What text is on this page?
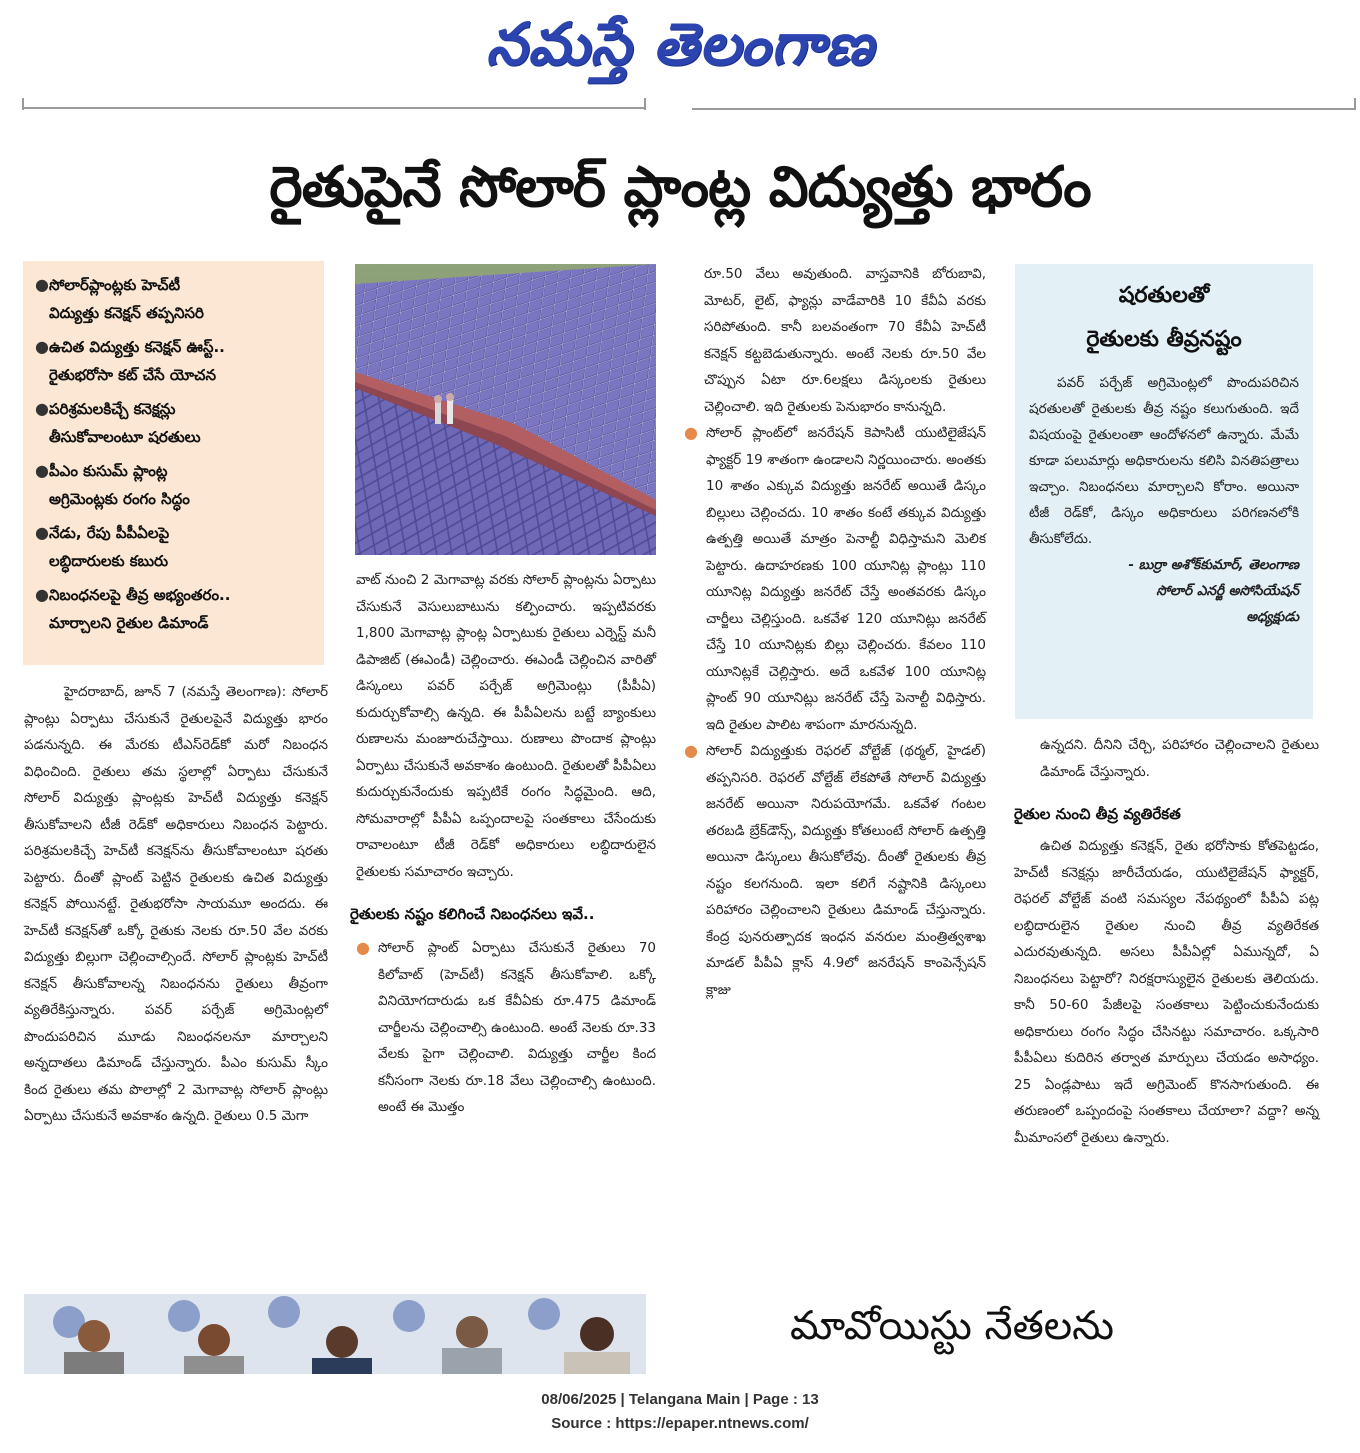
నమస్తే తెలంగాణ
రైతుపైనే సోలార్ ప్లాంట్ల విద్యుత్తు భారం
● సోలార్‌ప్లాంట్లకు హెచ్‌టీ
విద్యుత్తు కనెక్షన్ తప్పనిసరి
● ఉచిత విద్యుత్తు కనెక్షన్ ఊస్ట్..
రైతుభరోసా కట్ చేసే యోచన
● పరిశ్రమలకిచ్చే కనెక్షన్లు
తీసుకోవాలంటూ షరతులు
● పీఎం కుసుమ్ ప్లాంట్ల
అగ్రిమెంట్లకు రంగం సిద్ధం
● నేడు, రేపు పీపీఏలపై
లబ్ధిదారులకు కబురు
● నిబంధనలపై తీవ్ర అభ్యంతరం..
మార్చాలని రైతుల డిమాండ్

హైదరాబాద్, జూన్ 7 (నమస్తే తెలంగాణ): సోలార్ ప్లాంట్లు ఏర్పాటు చేసుకునే రైతులపైనే విద్యుత్తు భారం పడనున్నది. ఈ మేరకు టీఎస్‌రెడ్‌కో మరో నిబంధన విధించింది. రైతులు తమ స్థలాల్లో ఏర్పాటు చేసుకునే సోలార్ విద్యుత్తు ప్లాంట్లకు హెచ్‌టీ విద్యుత్తు కనెక్షన్ తీసుకోవాలని టీజీ రెడ్‌కో అధికారులు నిబంధన పెట్టారు. పరిశ్రమలకిచ్చే హెచ్‌టీ కనెక్షన్‌ను తీసుకోవాలంటూ షరతు పెట్టారు. దీంతో ప్లాంట్ పెట్టిన రైతులకు ఉచిత విద్యుత్తు కనెక్షన్ పోయినట్టే. రైతుభరోసా సాయమూ అందదు. ఈ హెచ్‌టీ కనెక్షన్‌తో ఒక్కో రైతుకు నెలకు రూ.50 వేల వరకు విద్యుత్తు బిల్లుగా చెల్లించాల్సిందే. సోలార్ ప్లాంట్లకు హెచ్‌టీ కనెక్షన్ తీసుకోవాలన్న నిబంధనను రైతులు తీవ్రంగా వ్యతిరేకిస్తున్నారు. పవర్ పర్చేజ్ అగ్రిమెంట్లలో పొందుపరిచిన మూడు నిబంధనలనూ మార్చాలని అన్నదాతలు డిమాండ్ చేస్తున్నారు. పీఎం కుసుమ్ స్కీం కింద రైతులు తమ పొలాల్లో 2 మెగావాట్ల సోలార్ ప్లాంట్లు ఏర్పాటు చేసుకునే అవకాశం ఉన్నది. రైతులు 0.5 మెగా

వాట్ నుంచి 2 మెగావాట్ల వరకు సోలార్ ప్లాంట్లను ఏర్పాటు చేసుకునే వెసులుబాటును కల్పించారు. ఇప్పటివరకు 1,800 మెగావాట్ల ప్లాంట్ల ఏర్పాటుకు రైతులు ఎర్నెస్ట్ మనీ డిపాజిట్ (ఈఎండీ) చెల్లించారు. ఈఎండీ చెల్లించిన వారితో డిస్కంలు పవర్ పర్చేజ్ అగ్రిమెంట్లు (పీపీఏ) కుదుర్చుకోవాల్సి ఉన్నది. ఈ పీపీఏలను బట్టే బ్యాంకులు రుణాలను మంజూరుచేస్తాయి. రుణాలు పొందాక ప్లాంట్లు ఏర్పాటు చేసుకునే అవకాశం ఉంటుంది. రైతులతో పీపీఏలు కుదుర్చుకునేందుకు ఇప్పటికే రంగం సిద్ధమైంది. ఆది, సోమవారాల్లో పీపీఏ ఒప్పందాలపై సంతకాలు చేసేందుకు రావాలంటూ టీజీ రెడ్‌కో అధికారులు లబ్ధిదారులైన రైతులకు సమాచారం ఇచ్చారు.

రైతులకు నష్టం కలిగించే నిబంధనలు ఇవే..
● సోలార్ ప్లాంట్ ఏర్పాటు చేసుకునే రైతులు 70 కిలోవాట్ (హెచ్‌టీ) కనెక్షన్ తీసుకోవాలి. ఒక్కో వినియోగదారుడు ఒక కేవీఏకు రూ.475 డిమాండ్ చార్జీలను చెల్లించాల్సి ఉంటుంది. అంటే నెలకు రూ.33 వేలకు పైగా చెల్లించాలి. విద్యుత్తు చార్జీల కింద కనీసంగా నెలకు రూ.18 వేలు చెల్లించాల్సి ఉంటుంది. అంటే ఈ మొత్తం

రూ.50 వేలు అవుతుంది. వాస్తవానికి బోరుబావి, మోటర్, లైట్, ఫ్యాన్లు వాడేవారికి 10 కేవీఏ వరకు సరిపోతుంది. కానీ బలవంతంగా 70 కేవీఏ హెచ్‌టీ కనెక్షన్ కట్టబెడుతున్నారు. అంటే నెలకు రూ.50 వేల చొప్పున ఏటా రూ.6లక్షలు డిస్కంలకు రైతులు చెల్లించాలి. ఇది రైతులకు పెనుభారం కానున్నది.

● సోలార్ ప్లాంట్‌లో జనరేషన్ కెపాసిటీ యుటిలైజేషన్ ఫ్యాక్టర్ 19 శాతంగా ఉండాలని నిర్ణయించారు. అంతకు 10 శాతం ఎక్కువ విద్యుత్తు జనరేట్ అయితే డిస్కం బిల్లులు చెల్లించదు. 10 శాతం కంటే తక్కువ విద్యుత్తు ఉత్పత్తి అయితే మాత్రం పెనాల్టీ విధిస్తామని మెలిక పెట్టారు. ఉదాహరణకు 100 యూనిట్ల ప్లాంట్లు 110 యూనిట్ల విద్యుత్తు జనరేట్ చేస్తే అంతవరకు డిస్కం చార్జీలు చెల్లిస్తుంది. ఒకవేళ 120 యూనిట్లు జనరేట్ చేస్తే 10 యూనిట్లకు బిల్లు చెల్లించరు. కేవలం 110 యూనిట్లకే చెల్లిస్తారు. అదే ఒకవేళ 100 యూనిట్ల ప్లాంట్ 90 యూనిట్లు జనరేట్ చేస్తే పెనాల్టీ విధిస్తారు. ఇది రైతుల పాలిట శాపంగా మారనున్నది.

● సోలార్ విద్యుత్తుకు రెఫరల్ వోల్టేజ్ (థర్మల్, హైడల్) తప్పనిసరి. రెఫరల్ వోల్టేజ్ లేకపోతే సోలార్ విద్యుత్తు జనరేట్ అయినా నిరుపయోగమే. ఒకవేళ గంటల తరబడి బ్రేక్‌డౌన్స్, విద్యుత్తు కోతలుంటే సోలార్ ఉత్పత్తి అయినా డిస్కంలు తీసుకోలేవు. దీంతో రైతులకు తీవ్ర నష్టం కలగనుంది. ఇలా కలిగే నష్టానికి డిస్కంలు పరిహారం చెల్లించాలని రైతులు డిమాండ్ చేస్తున్నారు. కేంద్ర పునరుత్పాదక ఇంధన వనరుల మంత్రిత్వశాఖ మాడల్ పీపీఏ క్లాస్ 4.9లో జనరేషన్ కాంపెన్సేషన్ క్లాజు

షరతులతో
రైతులకు తీవ్రనష్టం

పవర్ పర్చేజ్ అగ్రిమెంట్లలో పొందుపరిచిన షరతులతో రైతులకు తీవ్ర నష్టం కలుగుతుంది. ఇదే విషయంపై రైతులంతా ఆందోళనలో ఉన్నారు. మేమే కూడా పలుమార్లు అధికారులను కలిసి వినతిపత్రాలు ఇచ్చాం. నిబంధనలు మార్చాలని కోరాం. అయినా టీజీ రెడ్‌కో, డిస్కం అధికారులు పరిగణనలోకి తీసుకోలేదు.

- బుర్రా అశోక్‌కుమార్, తెలంగాణ
సోలార్ ఎనర్జీ అసోసియేషన్
అధ్యక్షుడు

ఉన్నదని. దీనిని చేర్చి, పరిహారం చెల్లించాలని రైతులు డిమాండ్ చేస్తున్నారు.

రైతుల నుంచి తీవ్ర వ్యతిరేకత

ఉచిత విద్యుత్తు కనెక్షన్, రైతు భరోసాకు కోతపెట్టడం, హెచ్‌టీ కనెక్షన్లు జారీచేయడం, యుటిలైజేషన్ ఫ్యాక్టర్, రెఫరల్ వోల్టేజ్ వంటి సమస్యల నేపథ్యంలో పీపీఏ పట్ల లబ్ధిదారులైన రైతుల నుంచి తీవ్ర వ్యతిరేకత ఎదురవుతున్నది. అసలు పీపీఏల్లో ఏమున్నదో, ఏ నిబంధనలు పెట్టారో? నిరక్షరాస్యులైన రైతులకు తెలియదు. కానీ 50-60 పేజీలపై సంతకాలు పెట్టించుకునేందుకు అధికారులు రంగం సిద్ధం చేసినట్టు సమాచారం. ఒక్కసారి పీపీఏలు కుదిరిన తర్వాత మార్పులు చేయడం అసాధ్యం. 25 ఏండ్లపాటు ఇదే అగ్రిమెంట్ కొనసాగుతుంది. ఈ తరుణంలో ఒప్పందంపై సంతకాలు చేయాలా? వద్దా? అన్న మీమాంసలో రైతులు ఉన్నారు.

మావోయిస్టు నేతలను
08/06/2025 | Telangana Main | Page : 13
Source : https://epaper.ntnews.com/
